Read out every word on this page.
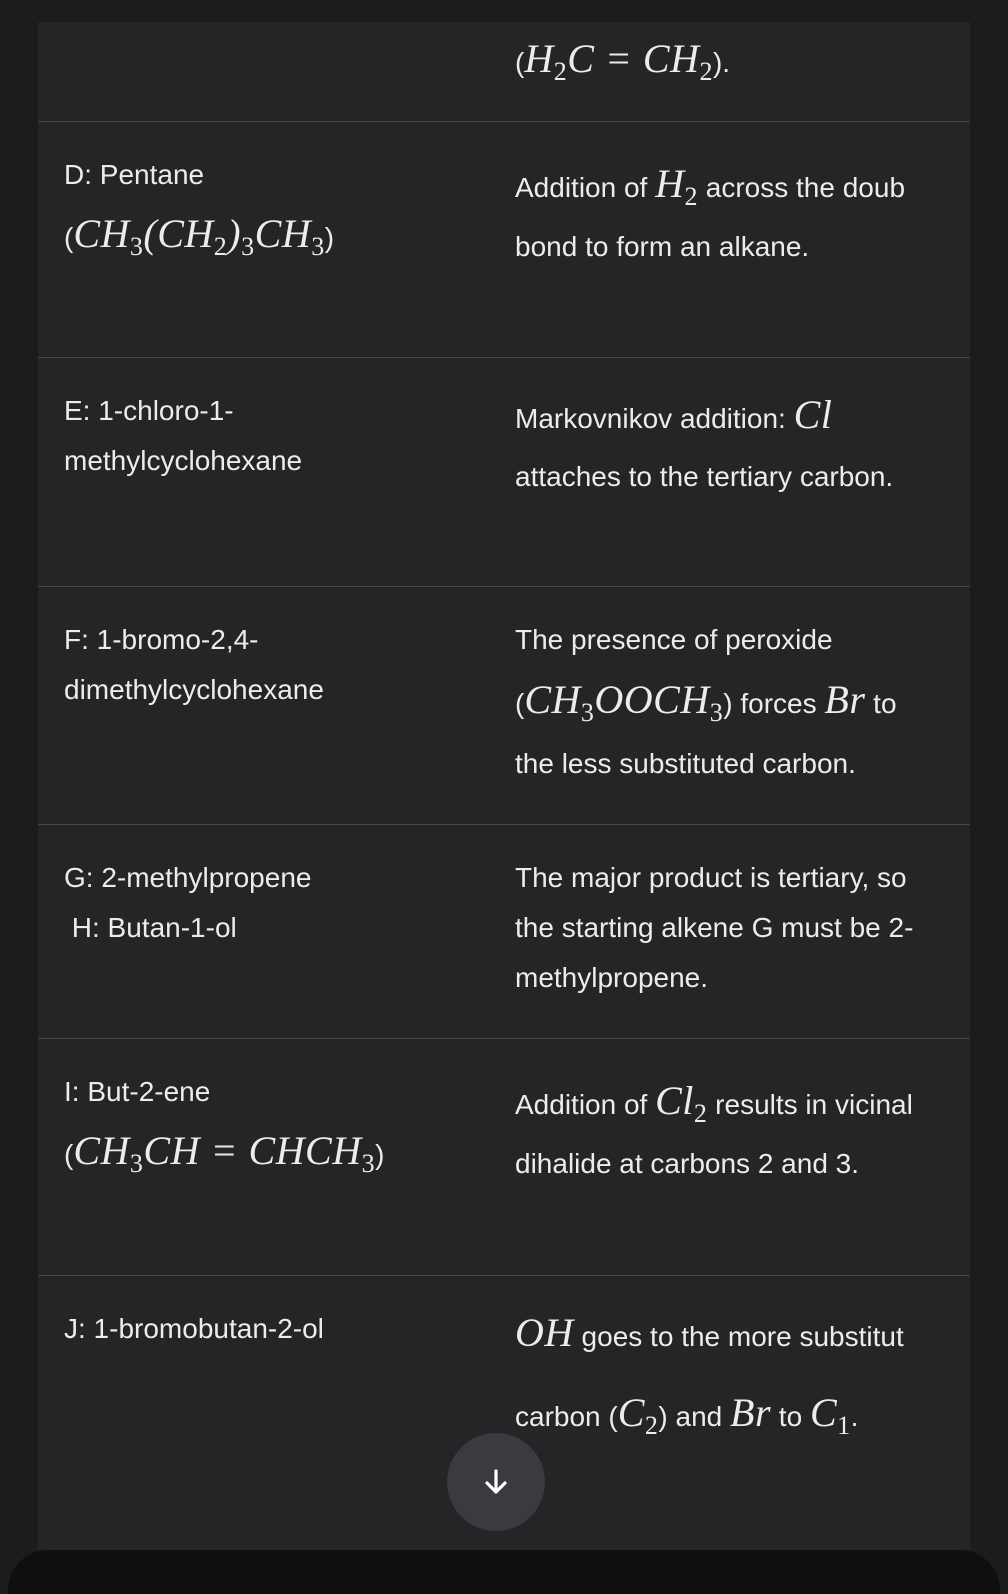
$(H_2C = CH_2)$.
D: Pentane
$(CH_3(CH_2)_3CH_3)$
Addition of $H_2$ across the doub
bond to form an alkane.
E: 1-chloro-1-
methylcyclohexane
Markovnikov addition: Cl
attaches to the tertiary carbon.
F: 1-bromo-2,4-
dimethylcyclohexane
The presence of peroxide
$(CH_3OOCH_3)$ forces Br to
the less substituted carbon.
G: 2-methylpropene
H: Butan-1-ol
The major product is tertiary, so
the starting alkene G must be 2-
methylpropene.
I: But-2-ene
($CH_3CH$ = $CHCH_3$)
Addition of $Cl_2$ results in vicinal
dihalide at carbons 2 and 3.
J: 1-bromobutan-2-ol	OH goes to the more substitut
carbon $(C_2)$ and Br to $C_1$.
